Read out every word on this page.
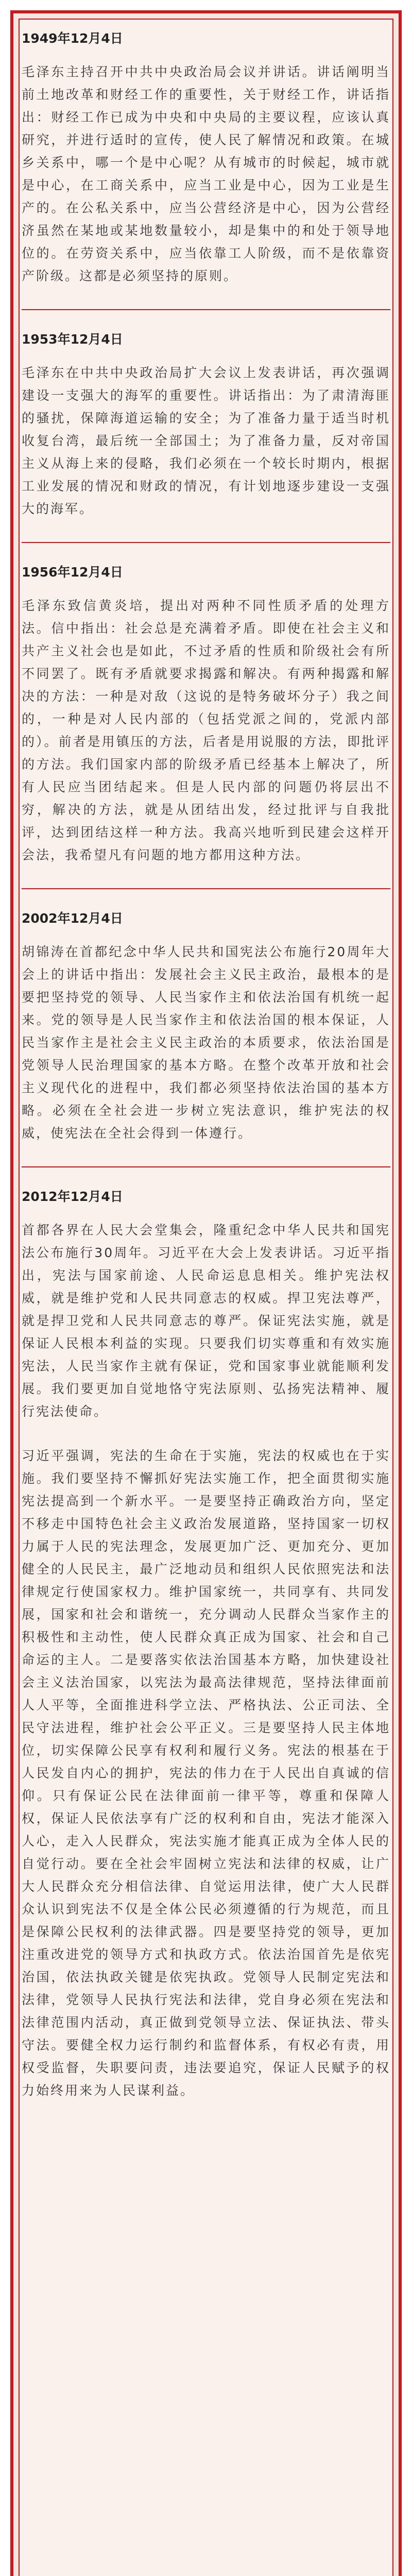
1949年12月4日

毛泽东主持召开中共中央政治局会议并讲话。讲话阐明当前土地改革和财经工作的重要性，关于财经工作，讲话指出：财经工作已成为中央和中央局的主要议程，应该认真研究，并进行适时的宣传，使人民了解情况和政策。在城乡关系中，哪一个是中心呢？从有城市的时候起，城市就是中心，在工商关系中，应当工业是中心，因为工业是生产的。在公私关系中，应当公营经济是中心，因为公营经济虽然在某地或某地数量较小，却是集中的和处于领导地位的。在劳资关系中，应当依靠工人阶级，而不是依靠资产阶级。这都是必须坚持的原则。

1953年12月4日

毛泽东在中共中央政治局扩大会议上发表讲话，再次强调建设一支强大的海军的重要性。讲话指出：为了肃清海匪的骚扰，保障海道运输的安全；为了准备力量于适当时机收复台湾，最后统一全部国土；为了准备力量，反对帝国主义从海上来的侵略，我们必须在一个较长时期内，根据工业发展的情况和财政的情况，有计划地逐步建设一支强大的海军。

1956年12月4日

毛泽东致信黄炎培，提出对两种不同性质矛盾的处理方法。信中指出：社会总是充满着矛盾。即使在社会主义和共产主义社会也是如此，不过矛盾的性质和阶级社会有所不同罢了。既有矛盾就要求揭露和解决。有两种揭露和解决的方法：一种是对敌（这说的是特务破坏分子）我之间的，一种是对人民内部的（包括党派之间的，党派内部的）。前者是用镇压的方法，后者是用说服的方法，即批评的方法。我们国家内部的阶级矛盾已经基本上解决了，所有人民应当团结起来。但是人民内部的问题仍将层出不穷，解决的方法，就是从团结出发，经过批评与自我批评，达到团结这样一种方法。我高兴地听到民建会这样开会法，我希望凡有问题的地方都用这种方法。

2002年12月4日

胡锦涛在首都纪念中华人民共和国宪法公布施行20周年大会上的讲话中指出：发展社会主义民主政治，最根本的是要把坚持党的领导、人民当家作主和依法治国有机统一起来。党的领导是人民当家作主和依法治国的根本保证，人民当家作主是社会主义民主政治的本质要求，依法治国是党领导人民治理国家的基本方略。在整个改革开放和社会主义现代化的进程中，我们都必须坚持依法治国的基本方略。必须在全社会进一步树立宪法意识，维护宪法的权威，使宪法在全社会得到一体遵行。

2012年12月4日

首都各界在人民大会堂集会，隆重纪念中华人民共和国宪法公布施行30周年。习近平在大会上发表讲话。习近平指出，宪法与国家前途、人民命运息息相关。维护宪法权威，就是维护党和人民共同意志的权威。捍卫宪法尊严，就是捍卫党和人民共同意志的尊严。保证宪法实施，就是保证人民根本利益的实现。只要我们切实尊重和有效实施宪法，人民当家作主就有保证，党和国家事业就能顺利发展。我们要更加自觉地恪守宪法原则、弘扬宪法精神、履行宪法使命。

习近平强调，宪法的生命在于实施，宪法的权威也在于实施。我们要坚持不懈抓好宪法实施工作，把全面贯彻实施宪法提高到一个新水平。一是要坚持正确政治方向，坚定不移走中国特色社会主义政治发展道路，坚持国家一切权力属于人民的宪法理念，发展更加广泛、更加充分、更加健全的人民民主，最广泛地动员和组织人民依照宪法和法律规定行使国家权力。维护国家统一，共同享有、共同发展，国家和社会和谐统一，充分调动人民群众当家作主的积极性和主动性，使人民群众真正成为国家、社会和自己命运的主人。二是要落实依法治国基本方略，加快建设社会主义法治国家，以宪法为最高法律规范，坚持法律面前人人平等，全面推进科学立法、严格执法、公正司法、全民守法进程，维护社会公平正义。三是要坚持人民主体地位，切实保障公民享有权利和履行义务。宪法的根基在于人民发自内心的拥护，宪法的伟力在于人民出自真诚的信仰。只有保证公民在法律面前一律平等，尊重和保障人权，保证人民依法享有广泛的权利和自由，宪法才能深入人心，走入人民群众，宪法实施才能真正成为全体人民的自觉行动。要在全社会牢固树立宪法和法律的权威，让广大人民群众充分相信法律、自觉运用法律，使广大人民群众认识到宪法不仅是全体公民必须遵循的行为规范，而且是保障公民权利的法律武器。四是要坚持党的领导，更加注重改进党的领导方式和执政方式。依法治国首先是依宪治国，依法执政关键是依宪执政。党领导人民制定宪法和法律，党领导人民执行宪法和法律，党自身必须在宪法和法律范围内活动，真正做到党领导立法、保证执法、带头守法。要健全权力运行制约和监督体系，有权必有责，用权受监督，失职要问责，违法要追究，保证人民赋予的权力始终用来为人民谋利益。
